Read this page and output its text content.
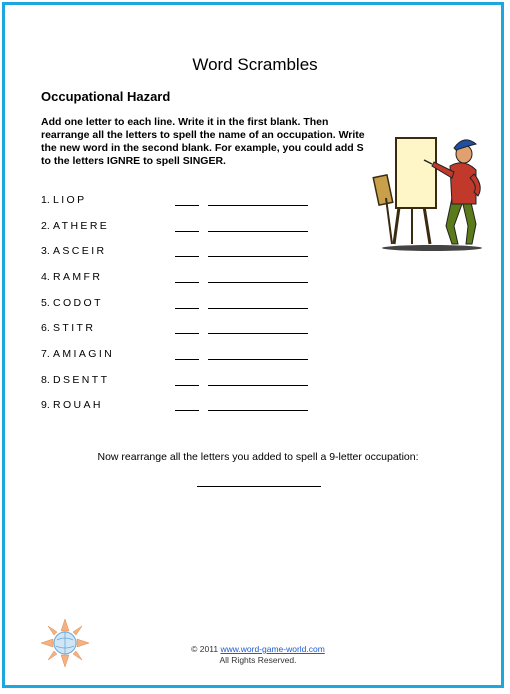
Word Scrambles
Occupational Hazard

Add one letter to each line. Write it in the first blank. Then rearrange all the letters to spell the name of an occupation. Write the new word in the second blank. For example, you could add S to the letters IGNRE to spell SINGER.

1. LIOP
2. ATHERE
3. ASCEIR
4. RAMFR
5. CODOT
6. STITR
7. AMIAGIN
8. DSENTT
9. ROUAH
Now rearrange all the letters you added to spell a 9-letter occupation:
© 2011 www.word-game-world.com
All Rights Reserved.
